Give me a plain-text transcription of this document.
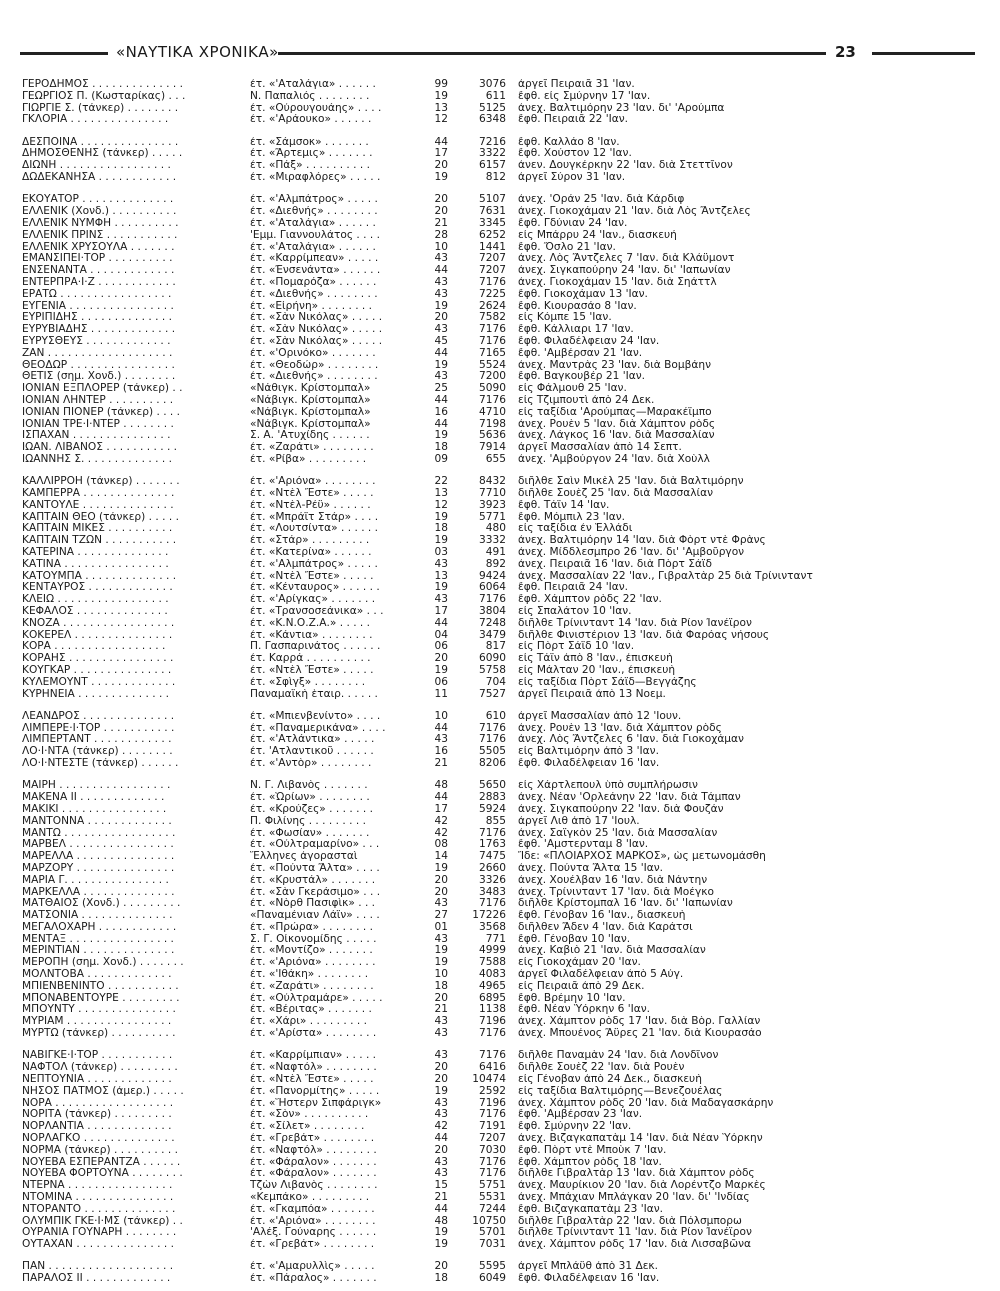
«ΝΑΥΤΙΚΑ ΧΡΟΝΙΚΑ»	23
ΓΕΡΟΔΗΜΟΣ . . . . . . . . . . . . . .	ἐτ. «'Αταλάγια» . . . . . .	99	3076 ἀργεῖ Πειραιᾶ 31 'Ιαν.
ΓΕΩΡΓΙΟΣ Π. (Κωσταρίκας) . . .	Ν. Παπαλιός . . . . . . . .	19	611 ἔφθ. εἰς Σμύρνην 17 'Ιαν.
ΓΙΩΡΓΙΕ Σ. (τάνκερ) . . . . . . . .	ἐτ. «Οὐρουγουάης» . . . .	13	5125 ἀνεχ. Βαλτιμόρην 23 'Ιαν. δι' 'Αρούμπα
ΓΚΛΟΡΙΑ . . . . . . . . . . . . . . .	ἐτ. «'Αράουκο» . . . . . .	12	6348 ἔφθ. Πειραιᾶ 22 'Ιαν.
ΔΕΣΠΟΙΝΑ . . . . . . . . . . . . . . .	ἐτ. «Σάμσοκ» . . . . . . .	44	7216 ἔφθ. Καλλάο 8 'Ιαν.
ΔΗΜΟΣΘΕΝΗΣ (τάνκερ) . . . . .	ἐτ. «Ἄρτεμις» . . . . . . .	17	3322 ἔφθ. Χούστον 12 'Ιαν.
ΔΙΩΝΗ . . . . . . . . . . . . . . . . .	ἐτ. «Πάξ» . . . . . . . . . .	20	6157 ἀνεν. Δουγκέρκην 22 'Ιαν. διὰ Στεττῖνον
ΔΩΔΕΚΑΝΗΣΑ . . . . . . . . . . . .	ἐτ. «Μιραφλόρες» . . . . .	19	812 ἀργεῖ Σύρον 31 'Ιαν.
ΕΚΟΥΑΤΟΡ . . . . . . . . . . . . . .	ἐτ. «'Αλμπάτρος» . . . . .	20	5107 ἀνεχ. 'Οράν 25 'Ιαν. διὰ Κάρδιφ
ΕΛΛΕΝΙΚ (Χονδ.) . . . . . . . . . .	ἐτ. «Διεθνής» . . . . . . . .	20	7631 ἀνεχ. Γιοκοχάμαν 21 'Ιαν. διὰ Λὸς Ἄντζελες
ΕΛΛΕΝΙΚ ΝΥΜΦΗ . . . . . . . . . .	ἐτ. «'Αταλάγια» . . . . . .	21	3345 ἔφθ. Γδύνιαν 24 'Ιαν.
ΕΛΛΕΝΙΚ ΠΡΙΝΣ . . . . . . . . . . .	'Εμμ. Γιαννουλάτος . . . .	28	6252 εἰς Μπάρρυ 24 'Ιαν., διασκευή
ΕΛΛΕΝΙΚ ΧΡΥΣΟΥΛΑ . . . . . . .	ἐτ. «'Αταλάγια» . . . . . .	10	1441 ἔφθ. Ὄσλο 21 'Ιαν.
ΕΜΑΝΣΙΠΕΙ·ΤΟΡ . . . . . . . . . .	ἐτ. «Καρρίμπεαν» . . . . .	43	7207 ἀνεχ. Λὸς Ἄντζελες 7 'Ιαν. διὰ Κλάϋμοντ
ΕΝΣΕΝΑΝΤΑ . . . . . . . . . . . . .	ἐτ. «Ἐνσενάντα» . . . . . .	44	7207 ἀνεχ. Σιγκαπούρην 24 'Ιαν. δι' 'Ιαπωνίαν
ΕΝΤΕΡΠΡΑ·Ι·Ζ . . . . . . . . . . . .	ἐτ. «Πομαρόζα» . . . . . .	43	7176 ἀνεχ. Γιοκοχάμαν 15 'Ιαν. διὰ Σηάττλ
ΕΡΑΤΩ . . . . . . . . . . . . . . . . .	ἐτ. «Διεθνής» . . . . . . . .	43	7225 ἔφθ. Γιοκοχάμαν 13 'Ιαν.
ΕΥΓΕΝΙΑ . . . . . . . . . . . . . . . .	ἐτ. «Εἰρήνη» . . . . . . . .	19	2624 ἔφθ. Κιουρασάο 8 'Ιαν.
ΕΥΡΙΠΙΔΗΣ . . . . . . . . . . . . . .	ἐτ. «Σὰν Νικόλας» . . . . .	20	7582 εἰς Κόμπε 15 'Ιαν.
ΕΥΡΥΒΙΑΔΗΣ . . . . . . . . . . . . .	ἐτ. «Σὰν Νικόλας» . . . . .	43	7176 ἔφθ. Κάλλιαρι 17 'Ιαν.
ΕΥΡΥΣΘΕΥΣ . . . . . . . . . . . . .	ἐτ. «Σὰν Νικόλας» . . . . .	45	7176 ἔφθ. Φιλαδέλφειαν 24 'Ιαν.
ΖΑΝ . . . . . . . . . . . . . . . . . . .	ἐτ. «'Ορινόκο» . . . . . . .	44	7165 ἔφθ. 'Αμβέρσαν 21 'Ιαν.
ΘΕΟΔΩΡ . . . . . . . . . . . . . . . .	ἐτ. «Θεοδώρ» . . . . . . . .	19	5524 ἀνεχ. Μαντρὰς 23 'Ιαν. διὰ Βομβάην
ΘΕΤΙΣ (σημ. Χονδ.) . . . . . . . .	ἐτ. «Διεθνής» . . . . . . . .	43	7200 ἔφθ. Βαγκουβέρ 21 'Ιαν.
ΙΟΝΙΑΝ ΕΞΠΛΟΡΕΡ (τάνκερ) . .	«Νάθιγκ. Κρίστομπαλ»	25	5090 εἰς Φάλμουθ 25 'Ιαν.
ΙΟΝΙΑΝ ΛΗΝΤΕΡ . . . . . . . . . .	«Νάβιγκ. Κρίστομπαλ»	44	7176 εἰς Τζιμπουτὶ ἀπὸ 24 Δεκ.
ΙΟΝΙΑΝ ΠΙΟΝΕΡ (τάνκερ) . . . .	«Νάβιγκ. Κρίστομπαλ»	16	4710 εἰς ταξίδια 'Αρούμπας—Μαρακέϊμπο
ΙΟΝΙΑΝ ΤΡΕ·Ι·ΝΤΕΡ . . . . . . . .	«Νάβιγκ. Κρίστομπαλ»	44	7198 ἀνεχ. Ρουὲν 5 'Ιαν. διὰ Χάμπτον ρὸδς
ΙΣΠΑΧΑΝ . . . . . . . . . . . . . . .	Σ. Α. 'Ατυχίδης . . . . . .	19	5636 ἀνεχ. Λάγκος 16 'Ιαν. διὰ Μασσαλίαν
ΙΩΑΝ. ΛΙΒΑΝΟΣ . . . . . . . . . . .	ἐτ. «Ζαράτι» . . . . . . . .	18	7914 ἀργεῖ Μασσαλίαν ἀπὸ 14 Σεπτ.
ΙΩΑΝΝΗΣ Σ. . . . . . . . . . . . . .	ἐτ. «Ρίβα» . . . . . . . . .	09	655 ἀνεχ. 'Αμβούργον 24 'Ιαν. διὰ Χοὺλλ
ΚΑΛΛΙΡΡΟΗ (τάνκερ) . . . . . . .	ἐτ. «'Αριόνα» . . . . . . . .	22	8432 διῆλθε Σαὶν Μικὲλ 25 'Ιαν. διὰ Βαλτιμόρην
ΚΑΜΠΕΡΡΑ . . . . . . . . . . . . . .	ἐτ. «Ντὲλ Ἔστε» . . . . .	13	7710 διῆλθε Σουὲζ 25 'Ιαν. διὰ Μασσαλίαν
ΚΑΝΤΟΥΛΕ . . . . . . . . . . . . . .	ἐτ. «Ντὲλ-Ρέϋ» . . . . . .	12	3923 ἔφθ. Τάϊν 14 'Ιαν.
ΚΑΠΤΑΙΝ ΘΕΟ (τάνκερ) . . . . .	ἐτ. «Μπράϊτ Στάρ» . . . .	19	5771 ἔφθ. Μόμπιλ 23 'Ιαν.
ΚΑΠΤΑΙΝ ΜΙΚΕΣ . . . . . . . . . .	ἐτ. «Λουτσίντα» . . . . . .	18	480 εἰς ταξίδια ἐν Ἑλλάδι
ΚΑΠΤΑΙΝ ΤΖΩΝ . . . . . . . . . . .	ἐτ. «Στάρ» . . . . . . . . .	19	3332 ἀνεχ. Βαλτιμόρην 14 'Ιαν. διὰ Φὸρτ ντὲ Φρὰνς
ΚΑΤΕΡΙΝΑ . . . . . . . . . . . . . .	ἐτ. «Κατερίνα» . . . . . .	03	491 ἀνεχ. Μίδδλεσμπρο 26 'Ιαν. δι' 'Αμβοῦργον
ΚΑΤΙΝΑ . . . . . . . . . . . . . . . .	ἐτ. «'Αλμπάτρος» . . . . .	43	892 ἀνεχ. Πειραιᾶ 16 'Ιαν. διὰ Πὸρτ Σάϊδ
ΚΑΤΟΥΜΠΑ . . . . . . . . . . . . . .	ἐτ. «Ντὲλ Ἔστε» . . . . .	13	9424 ἀνεχ. Μασσαλίαν 22 'Ιαν., Γιβραλτὰρ 25 διὰ Τρίνινταντ
ΚΕΝΤΑΥΡΟΣ . . . . . . . . . . . . .	ἐτ. «Κένταυρος» . . . . . .	19	6064 ἔφθ. Πειραιᾶ 24 'Ιαν.
ΚΛΕΙΩ . . . . . . . . . . . . . . . . .	ἐτ. «'Αρίγκας» . . . . . . .	43	7176 ἔφθ. Χάμπτον ρὸδς 22 'Ιαν.
ΚΕΦΑΛΟΣ . . . . . . . . . . . . . .	ἐτ. «Τρανσοσεάνικα» . . .	17	3804 εἰς Σπαλάτον 10 'Ιαν.
ΚΝΟΖΑ . . . . . . . . . . . . . . . . .	ἐτ. «Κ.Ν.Ο.Ζ.Α.» . . . . .	44	7248 διῆλθε Τρίνινταντ 14 'Ιαν. διὰ Ρίον Ἰανέϊρον
ΚΟΚΕΡΕΛ . . . . . . . . . . . . . . .	ἐτ. «Κάντια» . . . . . . . .	04	3479 διῆλθε Φινιστέριον 13 'Ιαν. διὰ Φαρόας νήσους
ΚΟΡΑ . . . . . . . . . . . . . . . . .	Π. Γασπαρινάτος . . . . . .	06	817 εἰς Πὸρτ Σάϊδ 10 'Ιαν.
ΚΟΡΑΗΣ . . . . . . . . . . . . . . . .	ἐτ. Καρρά . . . . . . . . . .	20	6090 εἰς Τάϊν ἀπὸ 8 'Ιαν., ἐπισκευὴ
ΚΟΥΓΚΑΡ . . . . . . . . . . . . . . .	ἐτ. «Ντὲλ Ἔστε» . . . . .	19	5758 εἰς Μάλταν 20 'Ιαν., ἐπισκευὴ
ΚΥΛΕΜΟΥΝΤ . . . . . . . . . . . . .	ἐτ. «Σφὶγξ» . . . . . . . .	06	704 εἰς ταξίδια Πὸρτ Σάϊδ—Βεγγάζης
ΚΥΡΗΝΕΙΑ . . . . . . . . . . . . . .	Παναμαϊκὴ ἑταιρ. . . . . .	11	7527 ἀργεῖ Πειραιᾶ ἀπὸ 13 Νοεμ.
ΛΕΑΝΔΡΟΣ . . . . . . . . . . . . . .	ἐτ. «Μπιενβενίντο» . . . .	10	610 ἀργεῖ Μασσαλίαν ἀπὸ 12 'Ιουν.
ΛΙΜΠΕΡΕ·Ι·ΤΟΡ . . . . . . . . . . .	ἐτ. «Παναμερικάνα» . . . .	44	7176 ἀνεχ. Ρουὲν 13 'Ιαν. διὰ Χάμπτον ρὸδς
ΛΙΜΠΕΡΤΑΝΤ . . . . . . . . . . . .	ἐτ. «'Ατλάντικα» . . . . .	43	7176 ἀνεχ. Λὸς Ἄντζελες 6 'Ιαν. διὰ Γιοκοχάμαν
ΛΟ·Ι·ΝΤΑ (τάνκερ) . . . . . . . .	ἐτ. 'Ατλαντικοῦ . . . . . .	16	5505 εἰς Βαλτιμόρην ἀπὸ 3 'Ιαν.
ΛΟ·Ι·ΝΤΕΣΤΕ (τάνκερ) . . . . . .	ἐτ. «'Αντὸρ» . . . . . . . .	21	8206 ἔφθ. Φιλαδέλφειαν 16 'Ιαν.
ΜΑΙΡΗ . . . . . . . . . . . . . . . . .	Ν. Γ. Λιβανὸς . . . . . . .	48	5650 εἰς Χάρτλεπουλ ὑπὸ συμπλήρωσιν
ΜΑΚΕΝΑ ΙΙ . . . . . . . . . . . . .	ἐτ. «Ὡρίων» . . . . . . . .	44	2883 ἀνεχ. Νέαν 'Ορλεάνην 22 'Ιαν. διὰ Τάμπαν
ΜΑΚΙΚΙ . . . . . . . . . . . . . . . .	ἐτ. «Κρούζες» . . . . . . .	17	5924 ἀνεχ. Σιγκαπούρην 22 'Ιαν. διὰ Φουζάν
ΜΑΝΤΟΝΝΑ . . . . . . . . . . . . .	Π. Φιλίνης . . . . . . . . .	42	855 ἀργεῖ Λιθ ἀπὸ 17 'Ιουλ.
ΜΑΝΤΩ . . . . . . . . . . . . . . . . .	ἐτ. «Φωσίαν» . . . . . . .	42	7176 ἀνεχ. Σαϊγκὸν 25 'Ιαν. διὰ Μασσαλίαν
ΜΑΡΒΕΛ . . . . . . . . . . . . . . . .	ἐτ. «Οὐλτραμαρίνο» . . .	08	1763 ἔφθ. 'Αμστερνταμ 8 'Ιαν.
ΜΑΡΕΛΛΑ . . . . . . . . . . . . . . .	Ἕλληνες ἀγορασταὶ	14	7475 Ἴδε: «ΠΛΟΙΑΡΧΟΣ ΜΑΡΚΟΣ», ὡς μετωνομάσθη
ΜΑΡΖΟΡΥ . . . . . . . . . . . . . . .	ἐτ. «Πούντα Ἄλτα» . . . .	19	2660 ἀνεχ. Πούντα Ἄλτα 15 'Ιαν.
ΜΑΡΙΑ Γ. . . . . . . . . . . . . . . .	ἐτ. «Κρυστάλ» . . . . . . .	20	3326 ἀνεχ. Χουέλβαν 16 'Ιαν. διὰ Νάντην
ΜΑΡΚΕΛΛΑ . . . . . . . . . . . . . .	ἐτ. «Σὰν Γκεράσιμο» . . .	20	3483 ἀνεχ. Τρίνινταντ 17 'Ιαν. διὰ Μοέγκο
ΜΑΤΘΑΙΟΣ (Χονδ.) . . . . . . . . .	ἐτ. «Νὸρθ Πασιφὶκ» . . .	43	7176 διῆλθε Κρίστομπαλ 16 'Ιαν. δι' 'Ιαπωνίαν
ΜΑΤΣΟΝΙΑ . . . . . . . . . . . . . .	«Παναμένιαν Λάϊν» . . . .	27	17226 ἔφθ. Γένοβαν 16 'Ιαν., διασκευὴ
ΜΕΓΑΛΟΧΑΡΗ . . . . . . . . . . . .	ἐτ. «Πρώρα» . . . . . . . .	01	3568 διῆλθεν Ἄδεν 4 'Ιαν. διὰ Καράτσι
ΜΕΝΤΑΞ . . . . . . . . . . . . . . . .	Σ. Γ. Οἰκονομίδης . . . . .	43	771 ἔφθ. Γένοβαν 10 'Ιαν.
ΜΕΡΙΝΤΙΑΝ . . . . . . . . . . . . . .	ἐτ. «Μοντίζο» . . . . . . .	19	4999 ἀνεχ. Καβιὸ 21 'Ιαν. διὰ Μασσαλίαν
ΜΕΡΟΠΗ (σημ. Χονδ.) . . . . . . .	ἐτ. «'Αριόνα» . . . . . . . .	19	7588 εἰς Γιοκοχάμαν 20 'Ιαν.
ΜΟΛΝΤΟΒΑ . . . . . . . . . . . . .	ἐτ. «'Ιθάκη» . . . . . . . .	10	4083 ἀργεῖ Φιλαδέλφειαν ἀπὸ 5 Αὐγ.
ΜΠΙΕΝΒΕΝΙΝΤΟ . . . . . . . . . . .	ἐτ. «Ζαράτι» . . . . . . . .	18	4965 εἰς Πειραιᾶ ἀπὸ 29 Δεκ.
ΜΠΟΝΑΒΕΝΤΟΥΡΕ . . . . . . . . .	ἐτ. «Οὐλτραμάρε» . . . . .	20	6895 ἔφθ. Βρέμην 10 'Ιαν.
ΜΠΟΥΝΤΥ . . . . . . . . . . . . . . .	ἐτ. «Βέριτας» . . . . . . .	21	1138 ἔφθ. Νέαν Ὑόρκην 6 'Ιαν.
ΜΥΡΙΑΜ . . . . . . . . . . . . . . . .	ἐτ. «Χάρι» . . . . . . . . .	43	7196 ἀνεχ. Χάμπτον ρὸδς 17 'Ιαν. διὰ Βὸρ. Γαλλίαν
ΜΥΡΤΩ (τάνκερ) . . . . . . . . . .	ἐτ. «'Αρίστα» . . . . . . . .	43	7176 ἀνεχ. Μπουένος Ἄϋρες 21 'Ιαν. διὰ Κιουρασάο
ΝΑΒΙΓΚΕ·Ι·ΤΟΡ . . . . . . . . . . .	ἐτ. «Καρρίμπιαν» . . . . .	43	7176 διῆλθε Παναμὰν 24 'Ιαν. διὰ Λονδῖνον
ΝΑΦΤΟΛ (τάνκερ) . . . . . . . . .	ἐτ. «Ναφτόλ» . . . . . . . .	20	6416 διῆλθε Σουὲζ 22 'Ιαν. διὰ Ρουὲν
ΝΕΠΤΟΥΝΙΑ . . . . . . . . . . . . .	ἐτ. «Ντὲλ Ἔστε» . . . . .	20	10474 εἰς Γένοβαν ἀπὸ 24 Δεκ., διασκευὴ
ΝΗΣΟΣ ΠΑΤΜΟΣ (ἀμερ.) . . . . .	ἐτ. «Πανορμίτης» . . . . .	19	2592 εἰς ταξίδια Βαλτιμόρης—Βενεζουέλας
ΝΟΡΑ . . . . . . . . . . . . . . . . . .	ἐτ. «Ἥστερν Σιπφάριγκ»	43	7196 ἀνεχ. Χάμπτον ρὸδς 20 'Ιαν. διὰ Μαδαγασκάρην
ΝΟΡΙΤΑ (τάνκερ) . . . . . . . . .	ἐτ. «Σὸν» . . . . . . . . . .	43	7176 ἔφθ. 'Αμβέρσαν 23 'Ιαν.
ΝΟΡΛΑΝΤΙΑ . . . . . . . . . . . . .	ἐτ. «Σίλετ» . . . . . . . .	42	7191 ἔφθ. Σμύρνην 22 'Ιαν.
ΝΟΡΛΑΓΚΟ . . . . . . . . . . . . . .	ἐτ. «Γρεβάτ» . . . . . . . .	44	7207 ἀνεχ. Βιζαγκαπατὰμ 14 'Ιαν. διὰ Νέαν Ὑόρκην
ΝΟΡΜΑ (τάνκερ) . . . . . . . . . .	ἐτ. «Ναφτόλ» . . . . . . . .	20	7030 ἔφθ. Πὸρτ ντὲ Μποὺκ 7 'Ιαν.
ΝΟΥΕΒΑ ΕΣΠΕΡΑΝΤΖΑ . . . . . .	ἐτ. «Φάραλον» . . . . . . .	43	7176 ἔφθ. Χάμπτον ρὸδς 18 'Ιαν.
ΝΟΥΕΒΑ ΦΟΡΤΟΥΝΑ . . . . . . . .	ἐτ. «Φάραλον» . . . . . . .	43	7176 διῆλθε Γιβραλτὰρ 13 'Ιαν. διὰ Χάμπτον ρὸδς
ΝΤΕΡΝΑ . . . . . . . . . . . . . . . .	Τζὼν Λιβανὸς . . . . . . . .	15	5751 ἀνεχ. Μαυρίκιον 20 'Ιαν. διὰ Λορέντζο Μαρκὲς
ΝΤΟΜΙΝΑ . . . . . . . . . . . . . . .	«Κεμπάκο» . . . . . . . . .	21	5531 ἀνεχ. Μπάχιαν Μπλάγκαν 20 'Ιαν. δι' 'Ινδίας
ΝΤΟΡΑΝΤΟ . . . . . . . . . . . . . .	ἐτ. «Γκαμπόα» . . . . . . .	44	7244 ἔφθ. Βιζαγκαπατὰμ 23 'Ιαν.
ΟΛΥΜΠΙΚ ΓΚΕ·Ι·ΜΣ (τάνκερ) . .	ἐτ. «'Αριόνα» . . . . . . . .	48	10750 διῆλθε Γιβραλτὰρ 22 'Ιαν. διὰ Πόλσμπορω
ΟΥΡΑΝΙΑ ΓΟΥΝΑΡΗ . . . . . . . .	'Αλέξ. Γούναρης . . . . . .	19	5701 διῆλθε Τρίνινταντ 11 'Ιαν. διὰ Ρίον Ἰανέϊρον
ΟΥΤΑΧΑΝ . . . . . . . . . . . . . . .	ἐτ. «Γρεβάτ» . . . . . . . .	19	7031 ἀνεχ. Χάμπτον ρὸδς 17 'Ιαν. διὰ Λισσαβῶνα
ΠΑΝ . . . . . . . . . . . . . . . . . . .	ἐτ. «'Αμαρυλλὶς» . . . . .	20	5595 ἀργεῖ Μπλάϋθ ἀπὸ 31 Δεκ.
ΠΑΡΑΛΟΣ ΙΙ . . . . . . . . . . . . .	ἐτ. «Πάραλος» . . . . . . .	18	6049 ἔφθ. Φιλαδέλφειαν 16 'Ιαν.
